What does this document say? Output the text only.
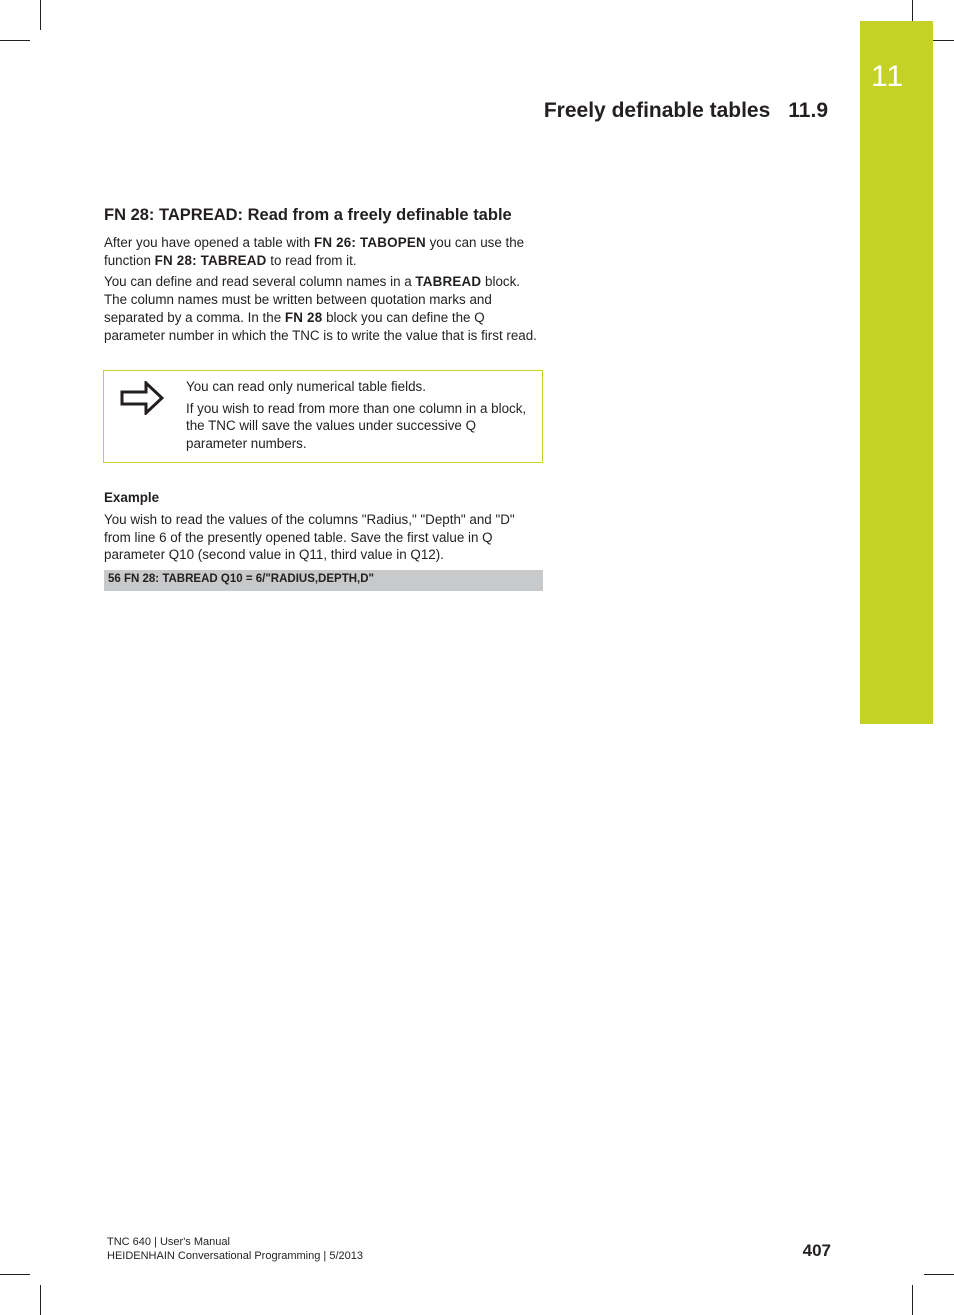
11
Freely definable tables 11.9
FN 28: TAPREAD: Read from a freely definable table

After you have opened a table with FN 26: TABOPEN you can use the function FN 28: TABREAD to read from it.

You can define and read several column names in a TABREAD block. The column names must be written between quotation marks and separated by a comma. In the FN 28 block you can define the Q parameter number in which the TNC is to write the value that is first read.

You can read only numerical table fields.

If you wish to read from more than one column in a block, the TNC will save the values under successive Q parameter numbers.

Example

You wish to read the values of the columns "Radius," "Depth" and "D" from line 6 of the presently opened table. Save the first value in Q parameter Q10 (second value in Q11, third value in Q12).

56 FN 28: TABREAD Q10 = 6/"RADIUS,DEPTH,D"
TNC 640 | User's Manual
HEIDENHAIN Conversational Programming | 5/2013	407
